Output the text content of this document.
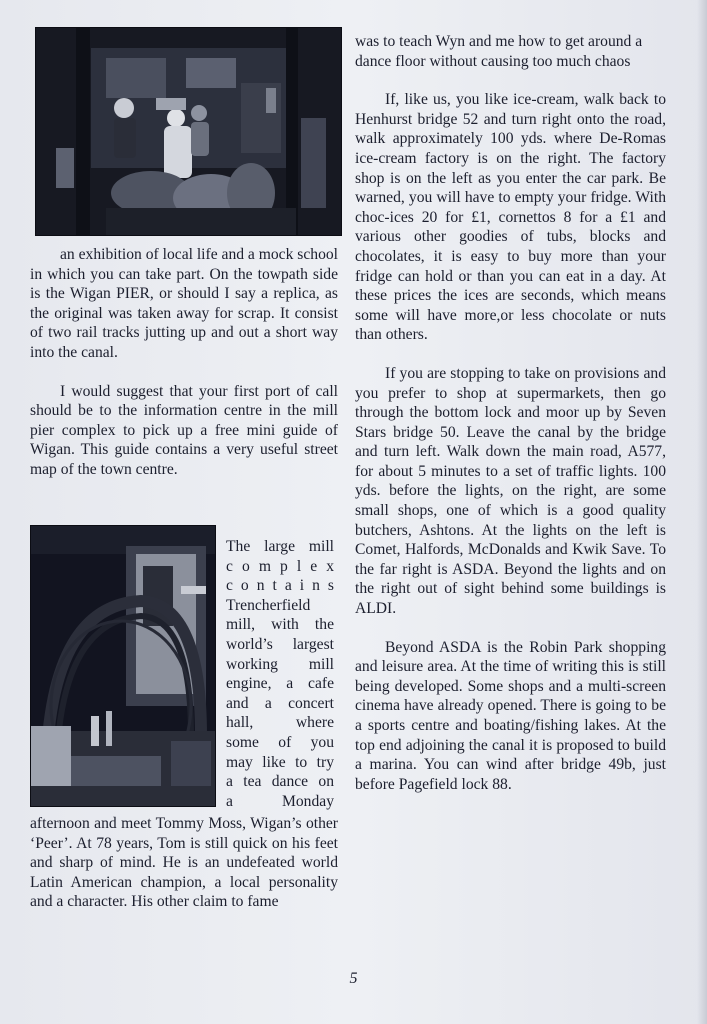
an exhibition of local life and a mock school in which you can take part. On the towpath side is the Wigan PIER, or should I say a replica, as the original was taken away for scrap. It consist of two rail tracks jutting up and out a short way into the canal.

I would suggest that your first port of call should be to the information centre in the mill pier complex to pick up a free mini guide of Wigan. This guide contains a very useful street map of the town centre.

The large mill
c o m p l e x
c o n t a i n s
Trencherfield
mill, with the
world’s largest
working mill
engine, a cafe
and a concert
hall, where
some of you
may like to try
a tea dance on
a Monday

afternoon and meet Tommy Moss, Wigan’s other ‘Peer’. At 78 years, Tom is still quick on his feet and sharp of mind. He is an undefeated world Latin American champion, a local personality and a character. His other claim to fame

was to teach Wyn and me how to get around a dance floor without causing too much chaos

If, like us, you like ice-cream, walk back to Henhurst bridge 52 and turn right onto the road, walk approximately 100 yds. where De-Romas ice-cream factory is on the right. The factory shop is on the left as you enter the car park. Be warned, you will have to empty your fridge. With choc-ices 20 for £1, cornettos 8 for a £1 and various other goodies of tubs, blocks and chocolates, it is easy to buy more than your fridge can hold or than you can eat in a day. At these prices the ices are seconds, which means some will have more,or less chocolate or nuts than others.

If you are stopping to take on provisions and you prefer to shop at supermarkets, then go through the bottom lock and moor up by Seven Stars bridge 50. Leave the canal by the bridge and turn left. Walk down the main road, A577, for about 5 minutes to a set of traffic lights. 100 yds. before the lights, on the right, are some small shops, one of which is a good quality butchers, Ashtons. At the lights on the left is Comet, Halfords, McDonalds and Kwik Save. To the far right is ASDA. Beyond the lights and on the right out of sight behind some buildings is ALDI.

Beyond ASDA is the Robin Park shopping and leisure area. At the time of writing this is still being developed. Some shops and a multi-screen cinema have already opened. There is going to be a sports centre and boating/fishing lakes. At the top end adjoining the canal it is proposed to build a marina. You can wind after bridge 49b, just before Pagefield lock 88.

5
